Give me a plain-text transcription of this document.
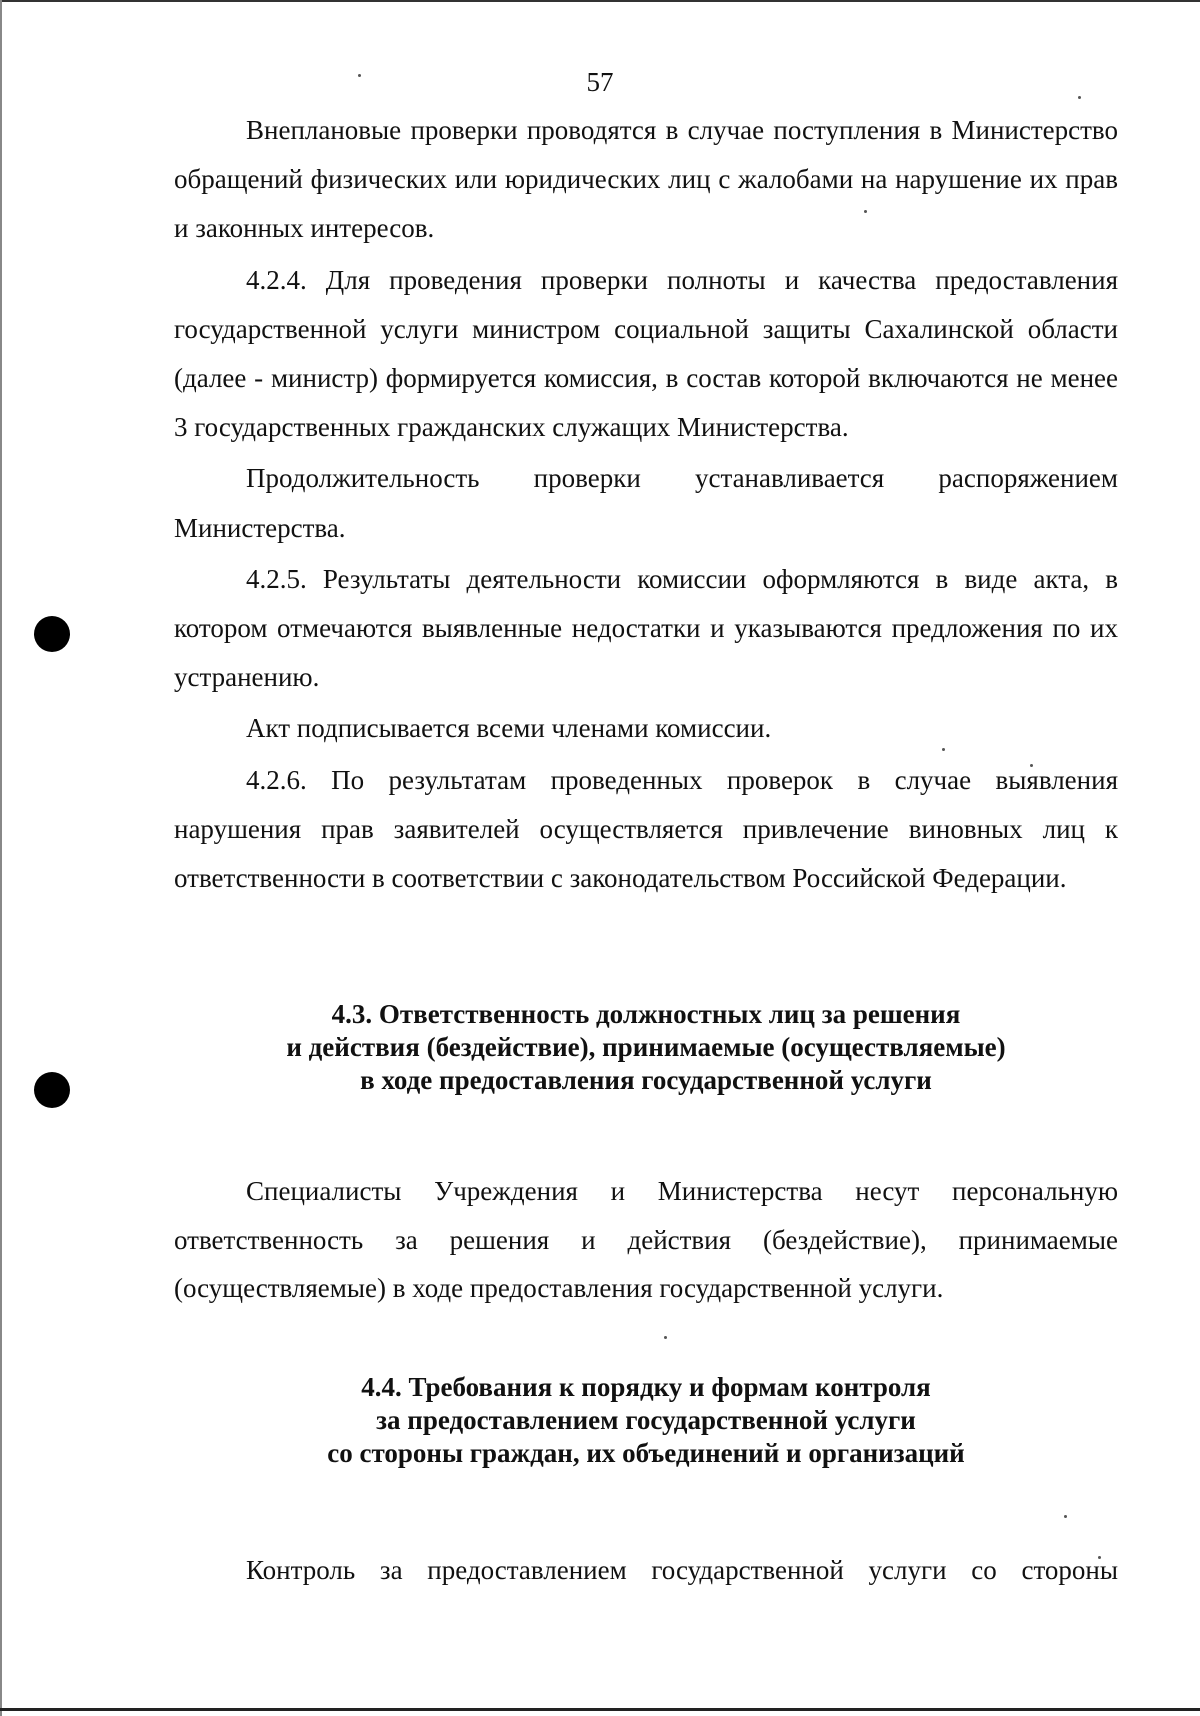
57

Внеплановые проверки проводятся в случае поступления в Министерство обращений физических или юридических лиц с жалобами на нарушение их прав и законных интересов.

4.2.4. Для проведения проверки полноты и качества предоставления государственной услуги министром социальной защиты Сахалинской области (далее - министр) формируется комиссия, в состав которой включаются не менее 3 государственных гражданских служащих Министерства.

Продолжительность проверки устанавливается распоряжением Министерства.

4.2.5. Результаты деятельности комиссии оформляются в виде акта, в котором отмечаются выявленные недостатки и указываются предложения по их устранению.

Акт подписывается всеми членами комиссии.

4.2.6. По результатам проведенных проверок в случае выявления нарушения прав заявителей осуществляется привлечение виновных лиц к ответственности в соответствии с законодательством Российской Федерации.

4.3. Ответственность должностных лиц за решения
и действия (бездействие), принимаемые (осуществляемые)
в ходе предоставления государственной услуги

Специалисты Учреждения и Министерства несут персональную ответственность за решения и действия (бездействие), принимаемые (осуществляемые) в ходе предоставления государственной услуги.

4.4. Требования к порядку и формам контроля
за предоставлением государственной услуги
со стороны граждан, их объединений и организаций

Контроль за предоставлением государственной услуги со стороны
